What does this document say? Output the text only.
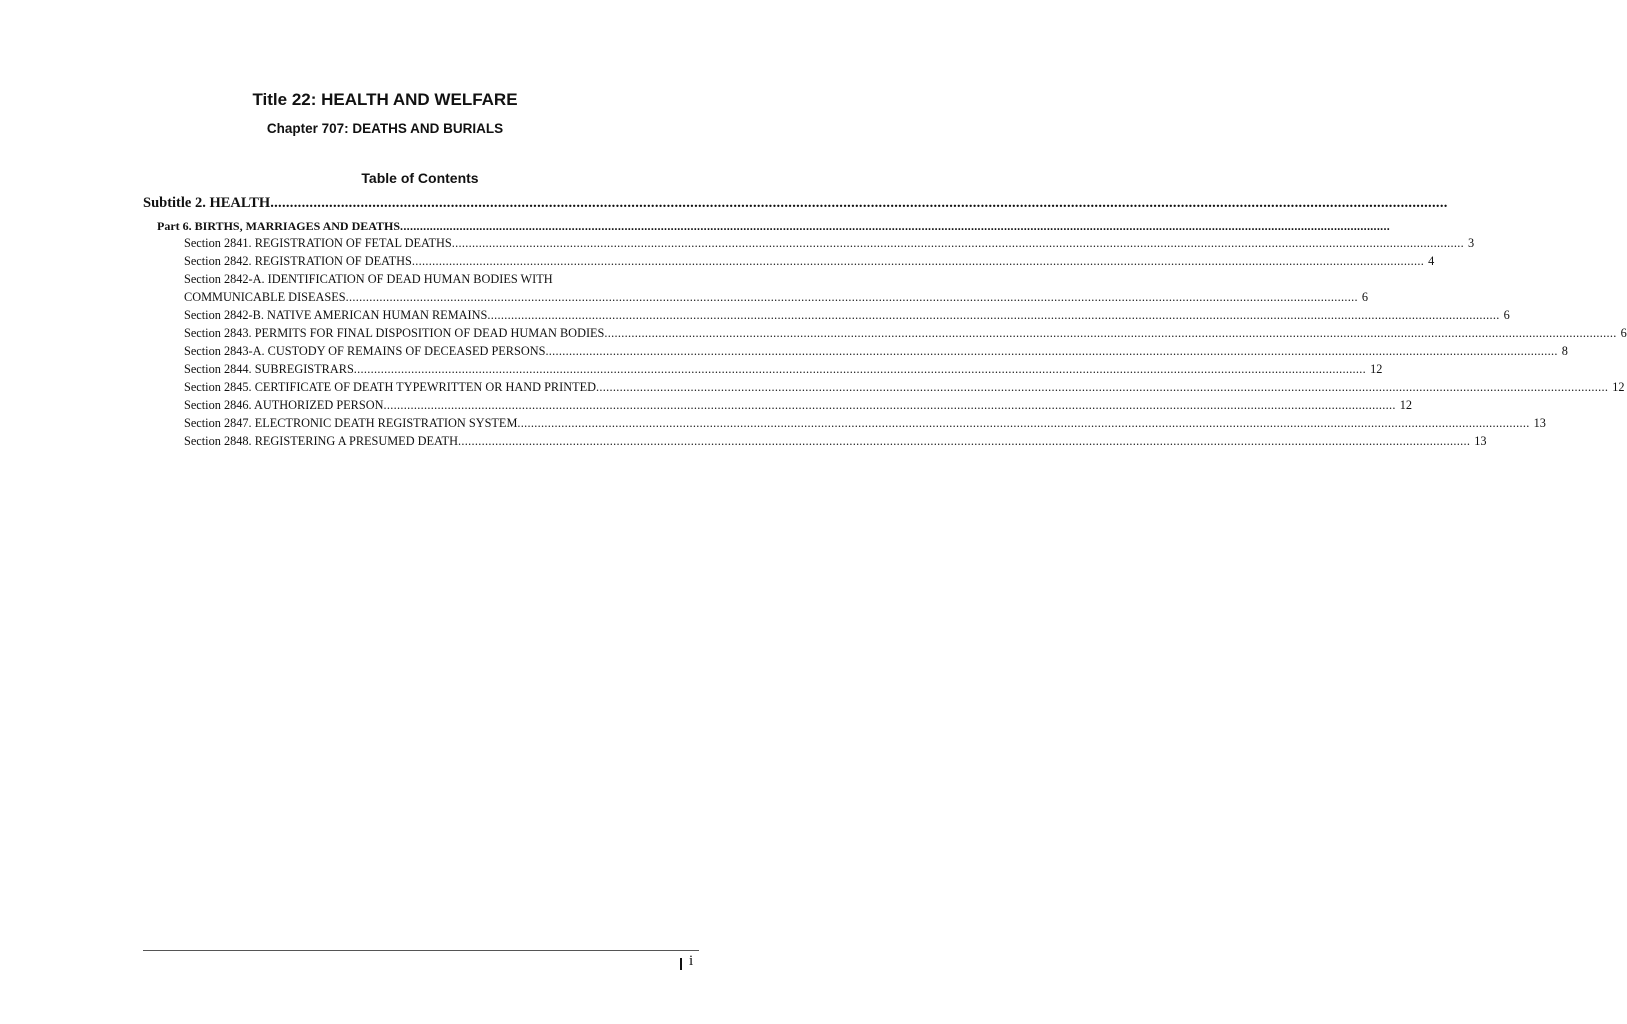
Title 22: HEALTH AND WELFARE
Chapter 707: DEATHS AND BURIALS
Table of Contents
Subtitle 2. HEALTH ............................................................................................................................................................................................................................................................................................................
Part 6. BIRTHS, MARRIAGES AND DEATHS ............................................................................................................................................................................................................................................................................................................
Section 2841. REGISTRATION OF FETAL DEATHS ............................................................................................................................................................................................................................................................................................................ 3
Section 2842. REGISTRATION OF DEATHS ............................................................................................................................................................................................................................................................................................................ 4
Section 2842-A. IDENTIFICATION OF DEAD HUMAN BODIES WITH
COMMUNICABLE DISEASES ............................................................................................................................................................................................................................................................................................................ 6
Section 2842-B. NATIVE AMERICAN HUMAN REMAINS ............................................................................................................................................................................................................................................................................................................ 6
Section 2843. PERMITS FOR FINAL DISPOSITION OF DEAD HUMAN BODIES ............................................................................................................................................................................................................................................................................................................ 6
Section 2843-A. CUSTODY OF REMAINS OF DECEASED PERSONS ............................................................................................................................................................................................................................................................................................................ 8
Section 2844. SUBREGISTRARS ............................................................................................................................................................................................................................................................................................................ 12
Section 2845. CERTIFICATE OF DEATH TYPEWRITTEN OR HAND PRINTED ............................................................................................................................................................................................................................................................................................................ 12
Section 2846. AUTHORIZED PERSON ............................................................................................................................................................................................................................................................................................................ 12
Section 2847. ELECTRONIC DEATH REGISTRATION SYSTEM ............................................................................................................................................................................................................................................................................................................ 13
Section 2848. REGISTERING A PRESUMED DEATH ............................................................................................................................................................................................................................................................................................................ 13
i
